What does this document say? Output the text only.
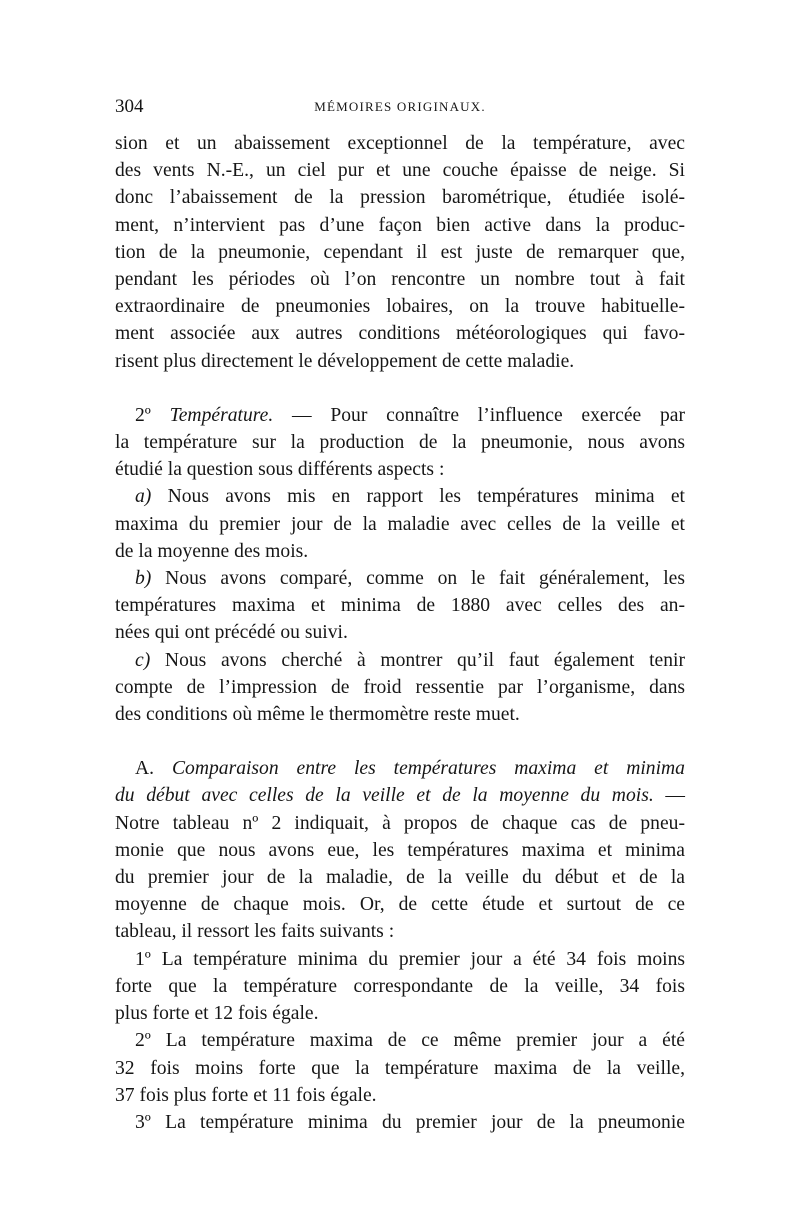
304	MÉMOIRES ORIGINAUX.

sion et un abaissement exceptionnel de la température, avec

des vents N.-E., un ciel pur et une couche épaisse de neige. Si

donc l’abaissement de la pression barométrique, étudiée isolé-

ment, n’intervient pas d’une façon bien active dans la produc-

tion de la pneumonie, cependant il est juste de remarquer que,

pendant les périodes où l’on rencontre un nombre tout à fait

extraordinaire de pneumonies lobaires, on la trouve habituelle-

ment associée aux autres conditions météorologiques qui favo-

risent plus directement le développement de cette maladie.

2º Température. — Pour connaître l’influence exercée par

la température sur la production de la pneumonie, nous avons

étudié la question sous différents aspects :

a) Nous avons mis en rapport les températures minima et

maxima du premier jour de la maladie avec celles de la veille et

de la moyenne des mois.

b) Nous avons comparé, comme on le fait généralement, les

températures maxima et minima de 1880 avec celles des an-

nées qui ont précédé ou suivi.

c) Nous avons cherché à montrer qu’il faut également tenir

compte de l’impression de froid ressentie par l’organisme, dans

des conditions où même le thermomètre reste muet.

A. Comparaison entre les températures maxima et minima

du début avec celles de la veille et de la moyenne du mois. —

Notre tableau nº 2 indiquait, à propos de chaque cas de pneu-

monie que nous avons eue, les températures maxima et minima

du premier jour de la maladie, de la veille du début et de la

moyenne de chaque mois. Or, de cette étude et surtout de ce

tableau, il ressort les faits suivants :

1º La température minima du premier jour a été 34 fois moins

forte que la température correspondante de la veille, 34 fois

plus forte et 12 fois égale.

2º La température maxima de ce même premier jour a été

32 fois moins forte que la température maxima de la veille,

37 fois plus forte et 11 fois égale.

3º La température minima du premier jour de la pneumonie
